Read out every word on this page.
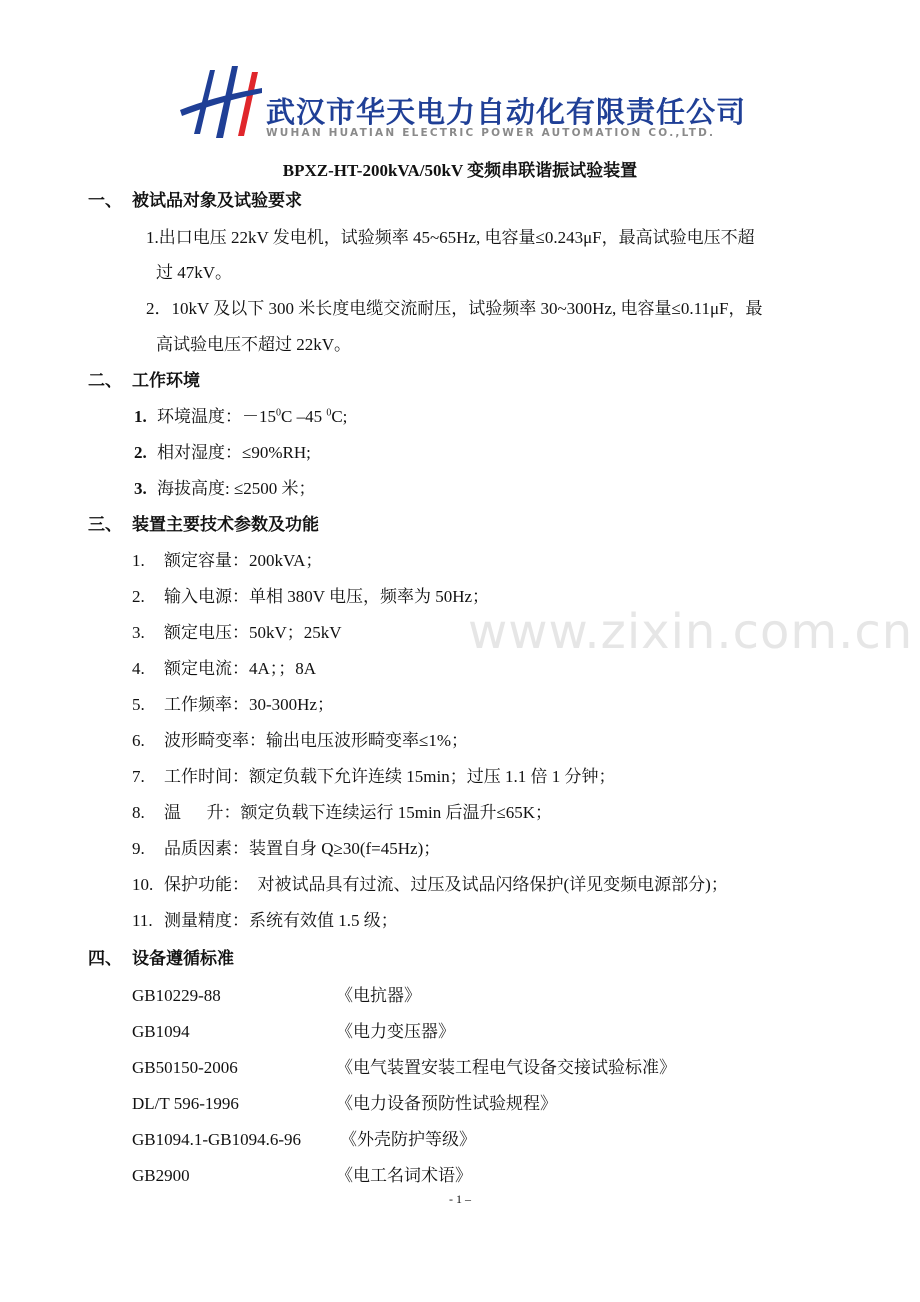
武汉市华天电力自动化有限责任公司
WUHAN HUATIAN ELECTRIC POWER AUTOMATION CO.,LTD.
BPXZ-HT-200kVA/50kV 变频串联谐振试验装置
一、 被试品对象及试验要求
1.出口电压 22kV 发电机，试验频率 45~65Hz, 电容量≤0.243μF，最高试验电压不超
过 47kV。
2．10kV 及以下 300 米长度电缆交流耐压，试验频率 30~300Hz, 电容量≤0.11μF，最
高试验电压不超过 22kV。
二、 工作环境
1. 环境温度：$-15^0C$ –45 $^0$C;
2. 相对湿度：≤90%RH;
3. 海拔高度: ≤2500 米；
三、 装置主要技术参数及功能
www.zixin.com.cn
1. 额定容量：200kVA；
2. 输入电源：单相 380V 电压，频率为 50Hz；
3. 额定电压：50kV；25kV
4. 额定电流：4A；；8A
5. 工作频率：30-300Hz；
6. 波形畸变率：输出电压波形畸变率≤1%；
7. 工作时间：额定负载下允许连续 15min；过压 1.1 倍 1 分钟；
8. 温      升：额定负载下连续运行 15min 后温升≤65K；
9. 品质因素：装置自身 Q≥30(f=45Hz)；
10. 保护功能：  对被试品具有过流、过压及试品闪络保护(详见变频电源部分)；
11. 测量精度：系统有效值 1.5 级；
四、 设备遵循标准
GB10229-88	《电抗器》
GB1094	《电力变压器》
GB50150-2006	《电气装置安装工程电气设备交接试验标准》
DL/T 596-1996	《电力设备预防性试验规程》
GB1094.1-GB1094.6-96 《外壳防护等级》
GB2900	《电工名词术语》
- 1 –
